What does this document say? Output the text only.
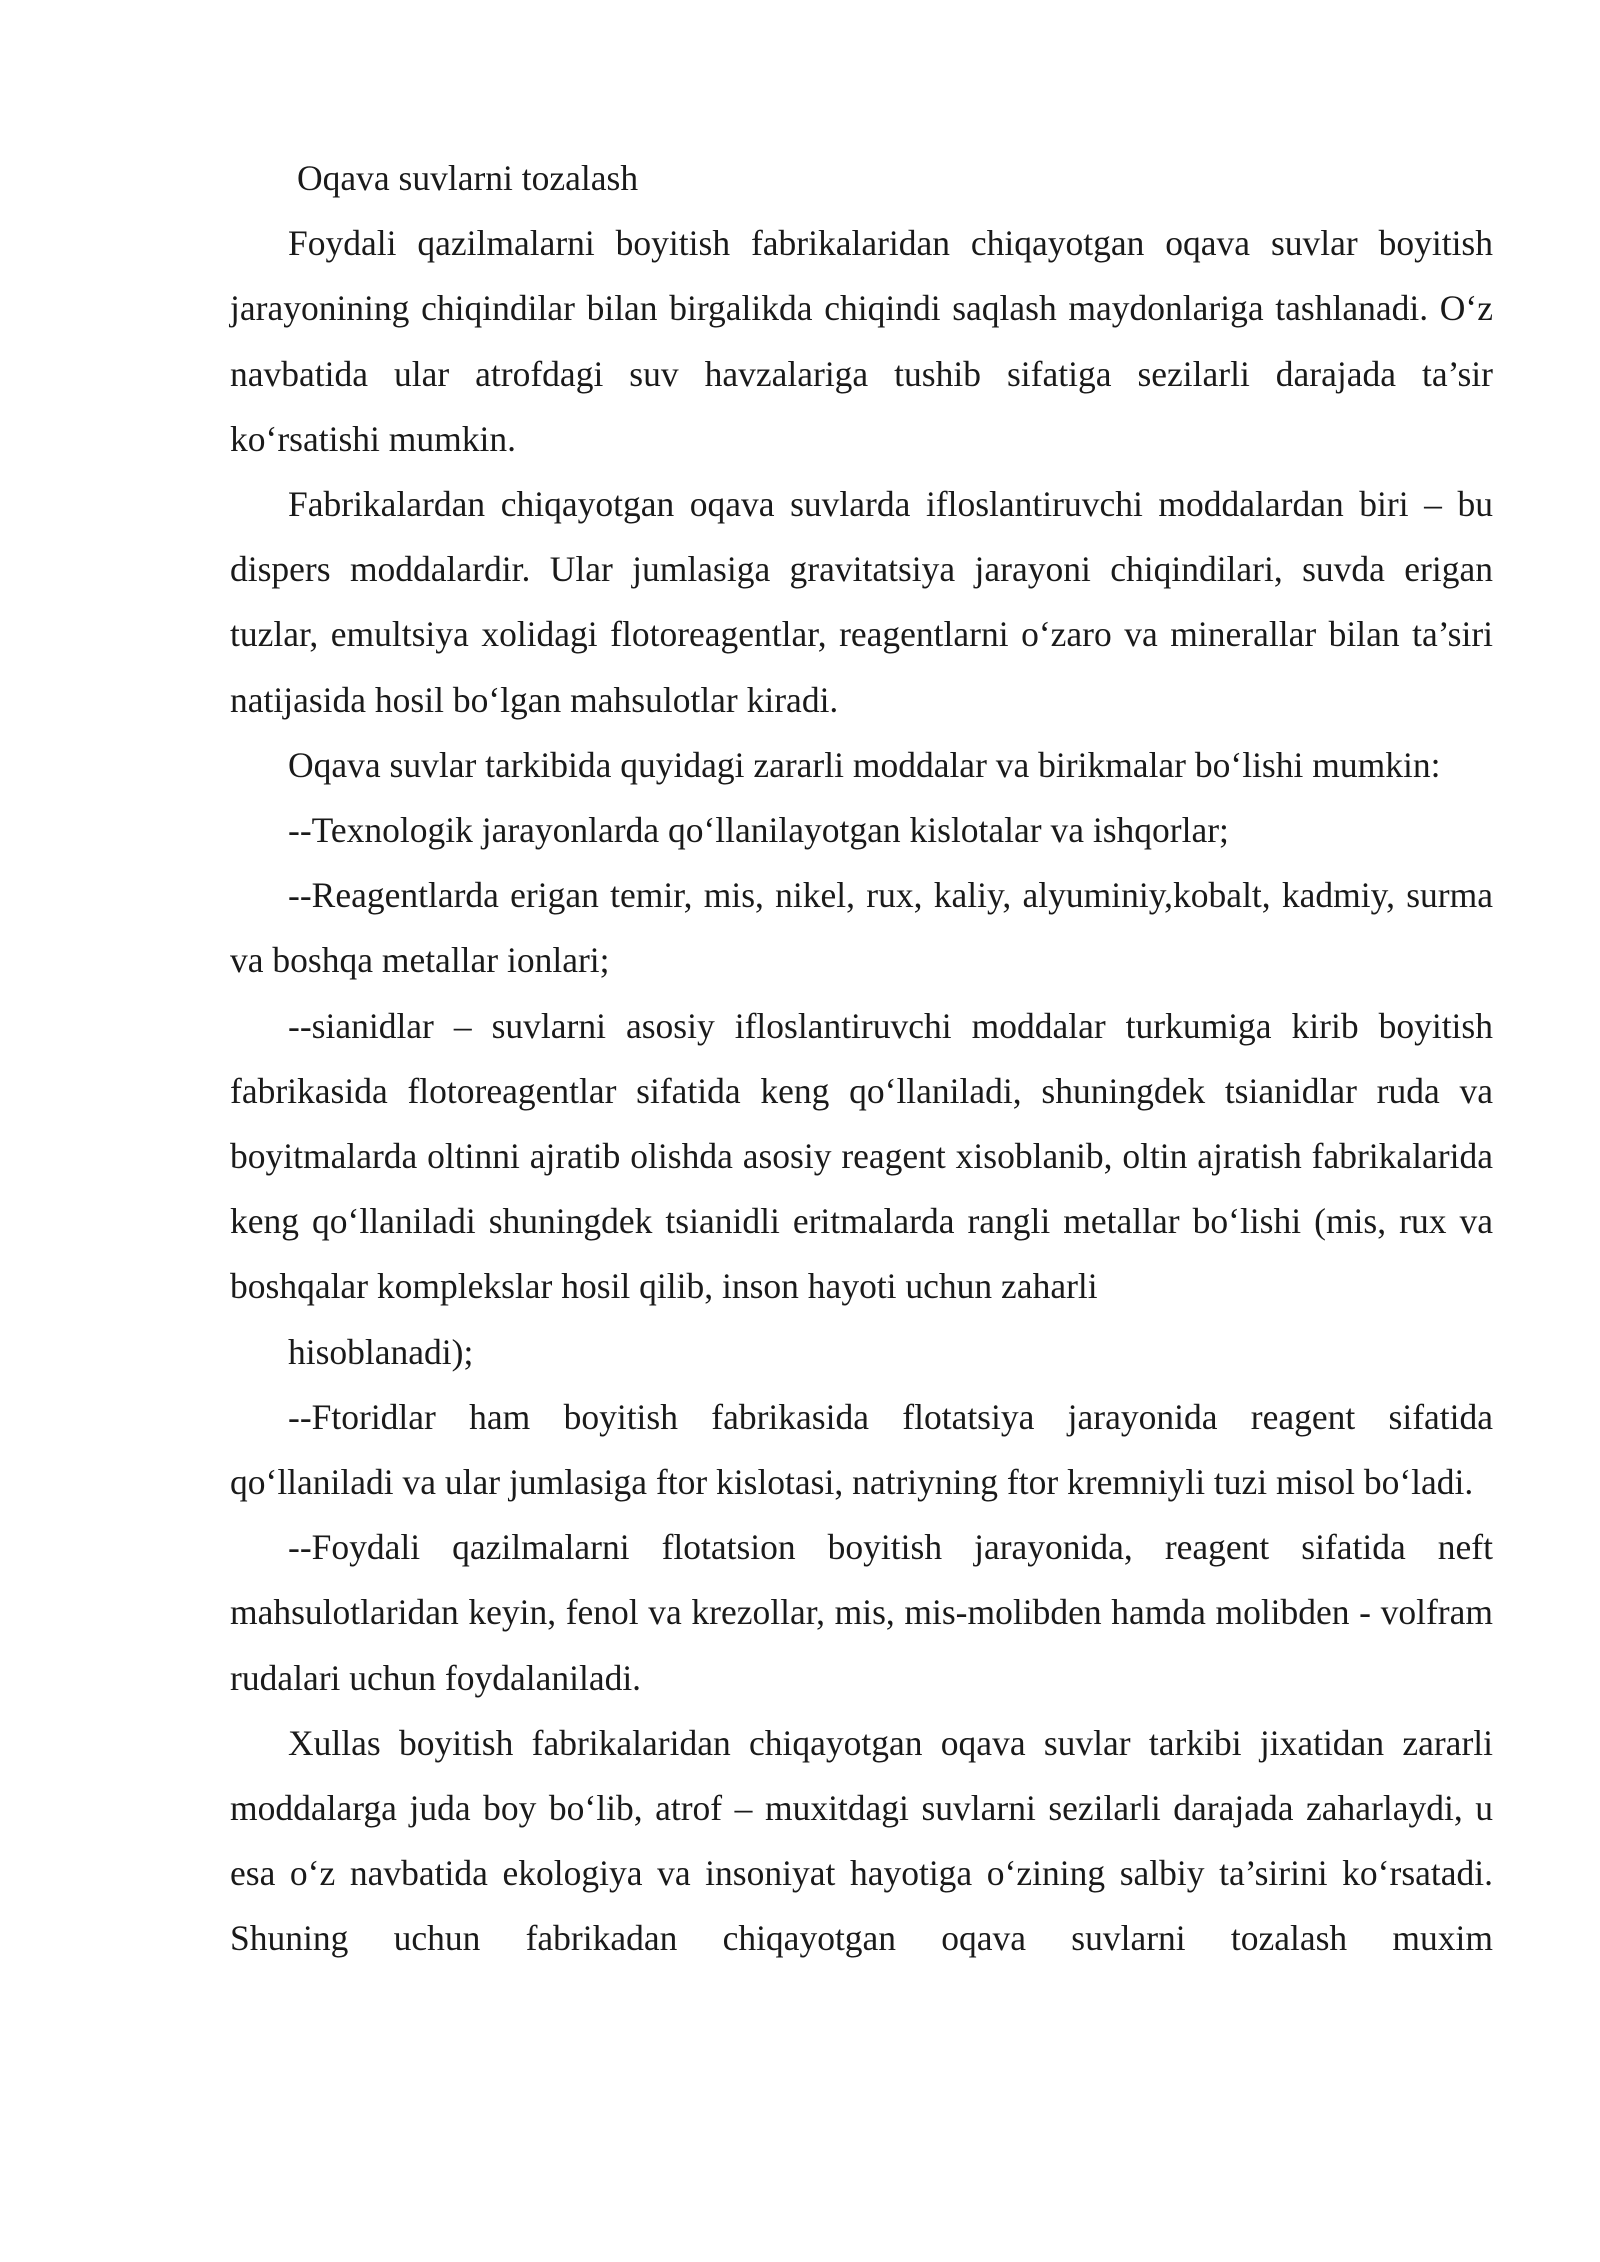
Oqava suvlarni tozalash

Foydali qazilmalarni boyitish fabrikalaridan chiqayotgan oqava suvlar boyitish jarayonining chiqindilar bilan birgalikda chiqindi saqlash maydonlariga tashlanadi. O‘z navbatida ular atrofdagi suv havzalariga tushib sifatiga sezilarli darajada ta’sir ko‘rsatishi mumkin.

Fabrikalardan chiqayotgan oqava suvlarda ifloslantiruvchi moddalardan biri – bu dispers moddalardir. Ular jumlasiga gravitatsiya jarayoni chiqindilari, suvda erigan tuzlar, emultsiya xolidagi flotoreagentlar, reagentlarni o‘zaro va minerallar bilan ta’siri natijasida hosil bo‘lgan mahsulotlar kiradi.

Oqava suvlar tarkibida quyidagi zararli moddalar va birikmalar bo‘lishi mumkin:

--Texnologik jarayonlarda qo‘llanilayotgan kislotalar va ishqorlar;

--Reagentlarda erigan temir, mis, nikel, rux, kaliy, alyuminiy,kobalt, kadmiy, surma va boshqa metallar ionlari;

--sianidlar – suvlarni asosiy ifloslantiruvchi moddalar turkumiga kirib boyitish fabrikasida flotoreagentlar sifatida keng qo‘llaniladi, shuningdek tsianidlar ruda va boyitmalarda oltinni ajratib olishda asosiy reagent xisoblanib, oltin ajratish fabrikalarida keng qo‘llaniladi shuningdek tsianidli eritmalarda rangli metallar bo‘lishi (mis, rux va boshqalar komplekslar hosil qilib, inson hayoti uchun zaharli

hisoblanadi);

--Ftoridlar ham boyitish fabrikasida flotatsiya jarayonida reagent sifatida qo‘llaniladi va ular jumlasiga ftor kislotasi, natriyning ftor kremniyli tuzi misol bo‘ladi.

--Foydali qazilmalarni flotatsion boyitish jarayonida, reagent sifatida neft mahsulotlaridan keyin, fenol va krezollar, mis, mis-molibden hamda molibden - volfram rudalari uchun foydalaniladi.

Xullas boyitish fabrikalaridan chiqayotgan oqava suvlar tarkibi jixatidan zararli moddalarga juda boy bo‘lib, atrof – muxitdagi suvlarni sezilarli darajada zaharlaydi, u esa o‘z navbatida ekologiya va insoniyat hayotiga o‘zining salbiy ta’sirini ko‘rsatadi. Shuning uchun fabrikadan chiqayotgan oqava suvlarni tozalash muxim
